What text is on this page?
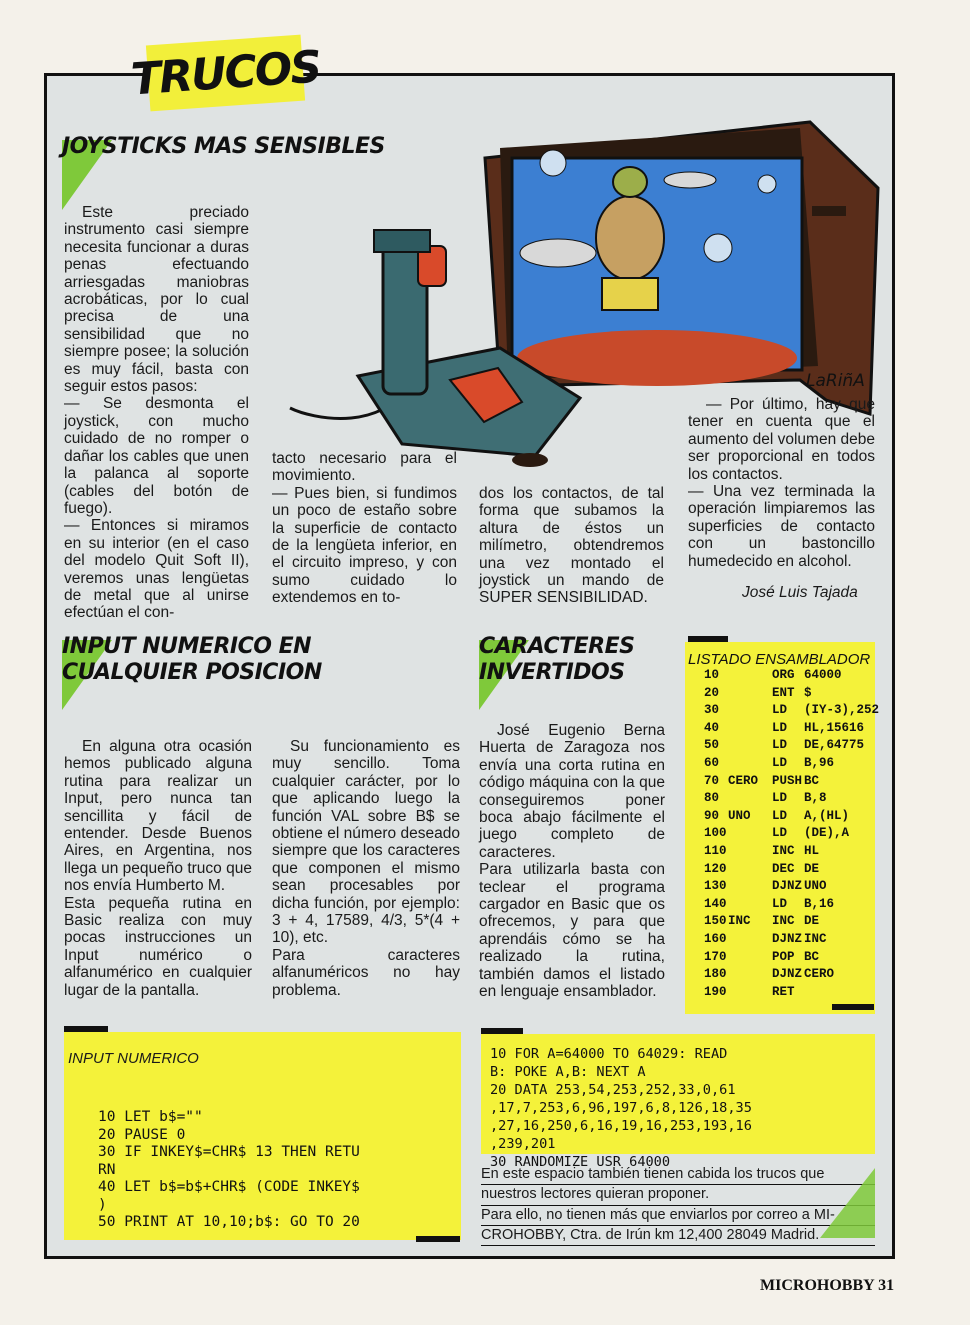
TRUCOS
JOYSTICKS MAS SENSIBLES
LaRiñA

Este preciado instrumento casi siempre necesita funcionar a duras penas efectuando arriesgadas maniobras acrobáticas, por lo cual precisa de una sensibilidad que no siempre posee; la solución es muy fácil, basta con seguir estos pasos:
— Se desmonta el joystick, con mucho cuidado de no romper o dañar los cables que unen la palanca al soporte (cables del botón de fuego).
— Entonces si miramos en su interior (en el caso del modelo Quit Soft II), veremos unas lengüetas de metal que al unirse efectúan el con-

tacto necesario para el movimiento.
— Pues bien, si fundimos un poco de estaño sobre la superficie de contacto de la lengüeta inferior, en el circuito impreso, y con sumo cuidado lo extendemos en to-

dos los contactos, de tal forma que subamos la altura de éstos un milímetro, obtendremos una vez montado el joystick un mando de SUPER SENSIBILIDAD.

— Por último, hay que tener en cuenta que el aumento del volumen debe ser proporcional en todos los contactos.
— Una vez terminada la operación limpiaremos las superficies de contacto con un bastoncillo humedecido en alcohol.

José Luis Tajada
INPUT NUMERICO EN
CUALQUIER POSICION

En alguna otra ocasión hemos publicado alguna rutina para realizar un Input, pero nunca tan sencillita y fácil de entender. Desde Buenos Aires, en Argentina, nos llega un pequeño truco que nos envía Humberto M.
Esta pequeña rutina en Basic realiza con muy pocas instrucciones un Input numérico o alfanumérico en cualquier lugar de la pantalla.

Su funcionamiento es muy sencillo. Toma cualquier carácter, por lo que aplicando luego la función VAL sobre B$ se obtiene el número deseado siempre que los caracteres que componen el mismo sean procesables por dicha función, por ejemplo: 3 + 4, 17589, 4/3, 5*(4 + 10), etc.
Para caracteres alfanuméricos no hay problema.

CARACTERES
INVERTIDOS

José Eugenio Berna Huerta de Zaragoza nos envía una corta rutina en código máquina con la que conseguiremos poner boca abajo fácilmente el juego completo de caracteres.
Para utilizarla basta con teclear el programa cargador en Basic que os ofrecemos, y para que aprendáis cómo se ha realizado la rutina, también damos el listado en lenguaje ensamblador.

LISTADO ENSAMBLADOR
10	ORG 64000
20	ENT $
30	LD (IY-3),252
40	LD HL,15616
50	LD DE,64775
60	LD B,96
70 CERO PUSH BC
80	LD B,8
90 UNO LD A,(HL)
100	LD (DE),A
110	INC HL
120	DEC DE
130	DJNZ UNO
140	LD B,16
150 INC INC DE
160	DJNZ INC
170	POP BC
180	DJNZ CERO
190	RET
INPUT NUMERICO
10 LET b$=""
20 PAUSE 0
30 IF INKEY$=CHR$ 13 THEN RETU
RN
40 LET b$=b$+CHR$ (CODE INKEY$
)
50 PRINT AT 10,10;b$: GO TO 20
10 FOR A=64000 TO 64029: READ
B: POKE A,B: NEXT A
20 DATA 253,54,253,252,33,0,61
,17,7,253,6,96,197,6,8,126,18,35
,27,16,250,6,16,19,16,253,193,16
,239,201
30 RANDOMIZE USR 64000
En este espacio también tienen cabida los trucos que
nuestros lectores quieran proponer.
Para ello, no tienen más que enviarlos por correo a MI-
CROHOBBY, Ctra. de Irún km 12,400 28049 Madrid.
MICROHOBBY 31
